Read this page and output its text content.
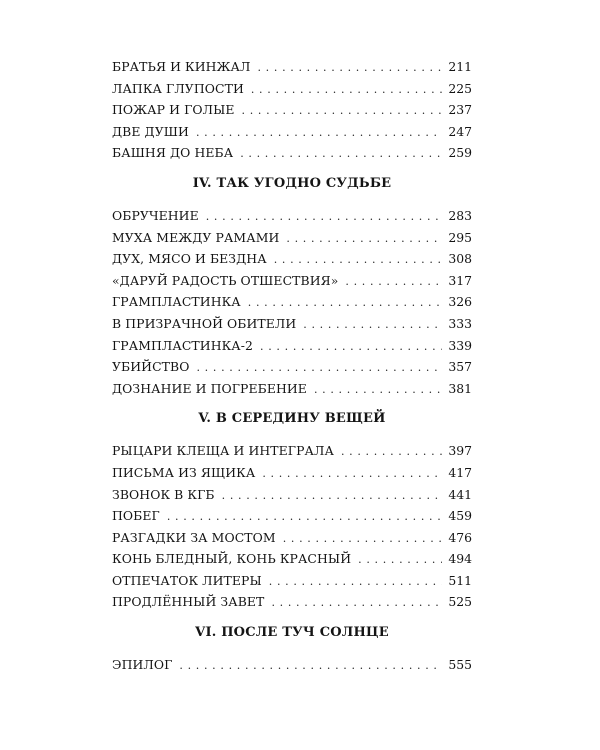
БРАТЬЯ И КИНЖАЛ . . .	211
ЛАПКА ГЛУПОСТИ . . .	225
ПОЖАР И ГОЛЫЕ . . .	237
ДВЕ ДУШИ . . .	247
БАШНЯ ДО НЕБА . . .	259
IV. ТАК УГОДНО СУДЬБЕ
ОБРУЧЕНИЕ . . .	283
МУХА МЕЖДУ РАМАМИ . . .	295
ДУХ, МЯСО И БЕЗДНА . . .	308
«ДАРУЙ РАДОСТЬ ОТШЕСТВИЯ» . . .	317
ГРАМПЛАСТИНКА . . .	326
В ПРИЗРАЧНОЙ ОБИТЕЛИ . . .	333
ГРАМПЛАСТИНКА-2 . . .	339
УБИЙСТВО . . .	357
ДОЗНАНИЕ И ПОГРЕБЕНИЕ . . .	381
V. В СЕРЕДИНУ ВЕЩЕЙ
РЫЦАРИ КЛЕЩА И ИНТЕГРАЛА . . .	397
ПИСЬМА ИЗ ЯЩИКА . . .	417
ЗВОНОК В КГБ . . .	441
ПОБЕГ . . .	459
РАЗГАДКИ ЗА МОСТОМ . . .	476
КОНЬ БЛЕДНЫЙ, КОНЬ КРАСНЫЙ . . .	494
ОТПЕЧАТОК ЛИТЕРЫ . . .	511
ПРОДЛЁННЫЙ ЗАВЕТ . . .	525
VI. ПОСЛЕ ТУЧ СОЛНЦЕ
ЭПИЛОГ . . .	555
